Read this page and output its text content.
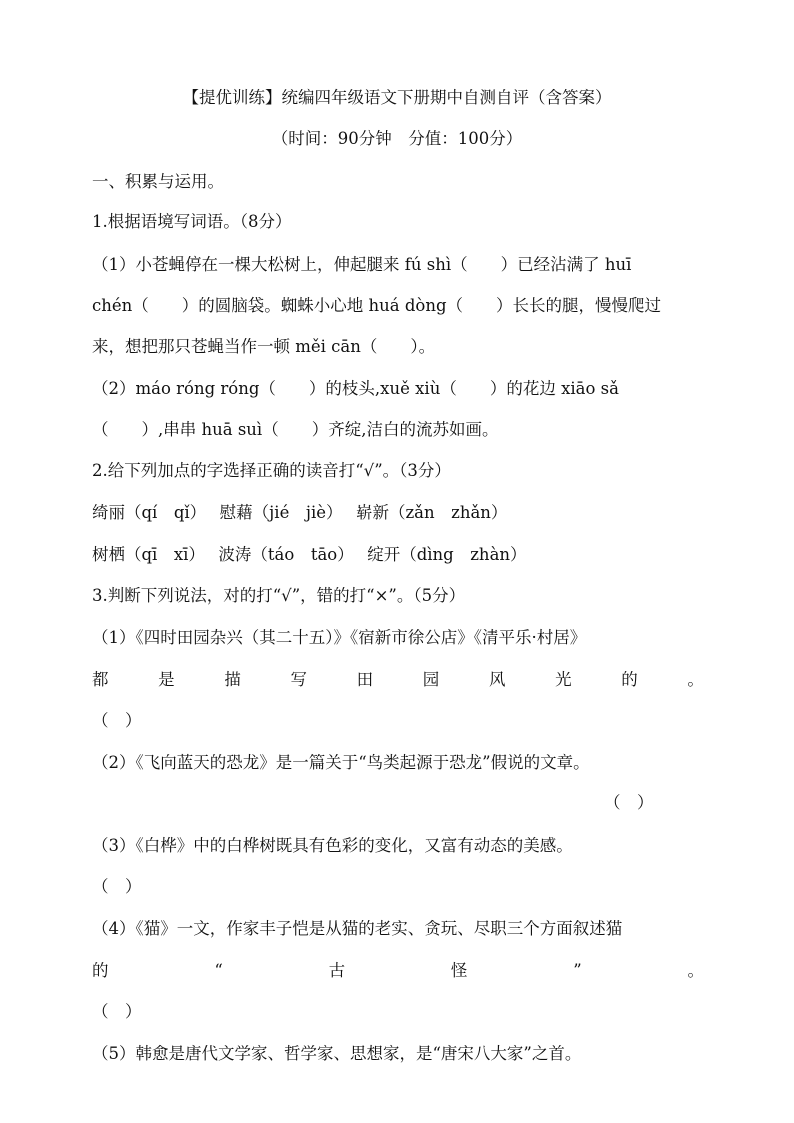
【提优训练】统编四年级语文下册期中自测自评（含答案）
（时间：90分钟　分值：100分）
一、积累与运用。
1.根据语境写词语。（8分）
（1）小苍蝇停在一棵大松树上，伸起腿来 fú shì（　　）已经沾满了 huī
chén（　　）的圆脑袋。蜘蛛小心地 huá dòng（　　）长长的腿，慢慢爬过
来，想把那只苍蝇当作一顿 měi cān（　　）。
（2）máo róng róng（　　）的枝头,xuě xiù（　　）的花边 xiāo sǎ
（　　）,串串 huā suì（　　）齐绽,洁白的流苏如画。
2.给下列加点的字选择正确的读音打“√”。（3分）
绮丽（qí　qǐ）　 慰藉（jié　jiè）　 崭新（zǎn　zhǎn）
树栖（qī　xī）　 波涛（táo　tāo）　 绽开（dìng　zhàn）
3.判断下列说法，对的打“√”，错的打“×”。（5分）
（1）《四时田园杂兴（其二十五）》《宿新市徐公店》《清平乐·村居》
都	是	描	写	田	园	风	光	的	。
（　）
（2）《飞向蓝天的恐龙》是一篇关于“鸟类起源于恐龙”假说的文章。
（　）
（3）《白桦》中的白桦树既具有色彩的变化，又富有动态的美感。
（　）
（4）《猫》一文，作家丰子恺是从猫的老实、贪玩、尽职三个方面叙述猫
的	“	古	怪	”	。
（　）
（5）韩愈是唐代文学家、哲学家、思想家，是“唐宋八大家”之首。
